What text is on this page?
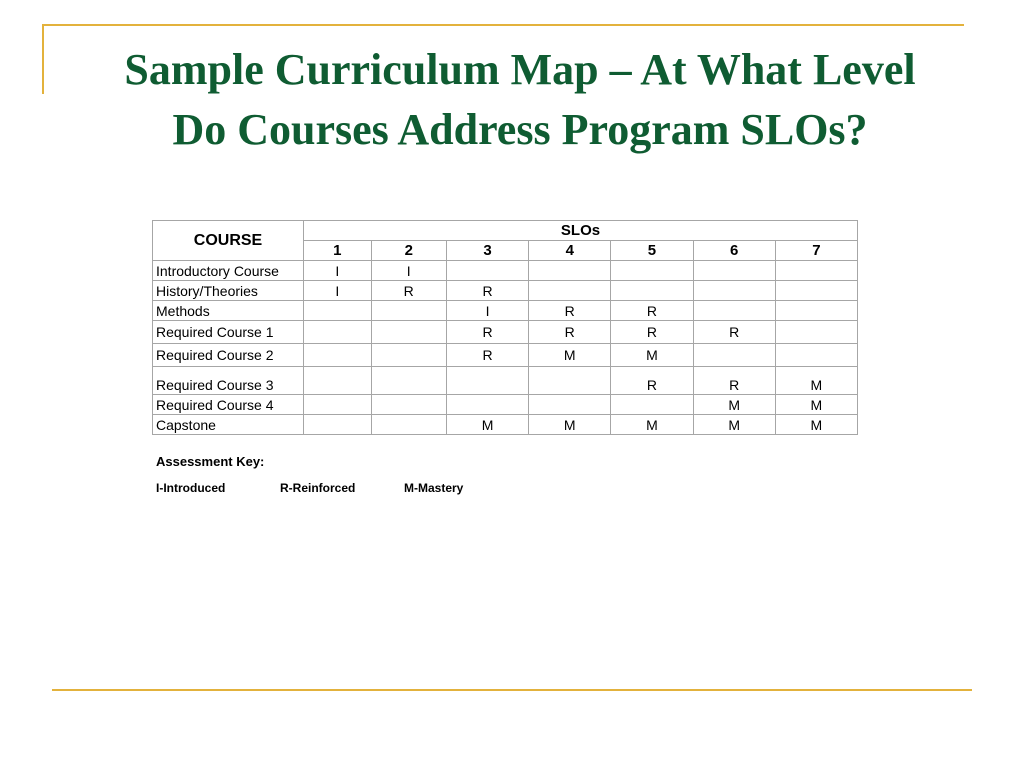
Sample Curriculum Map – At What Level
Do Courses Address Program SLOs?
COURSE	SLOs						
	1	2	3	4	5	6	7
Introductory Course	I	I					
History/Theories	I	R	R				
Methods			I	R	R		
Required Course 1			R	R	R	R	
Required Course 2			R	M	M		
Required Course 3					R	R	M
Required Course 4						M	M
Capstone			M	M	M	M	M
Assessment Key:
I-Introduced	R-Reinforced	M-Mastery
